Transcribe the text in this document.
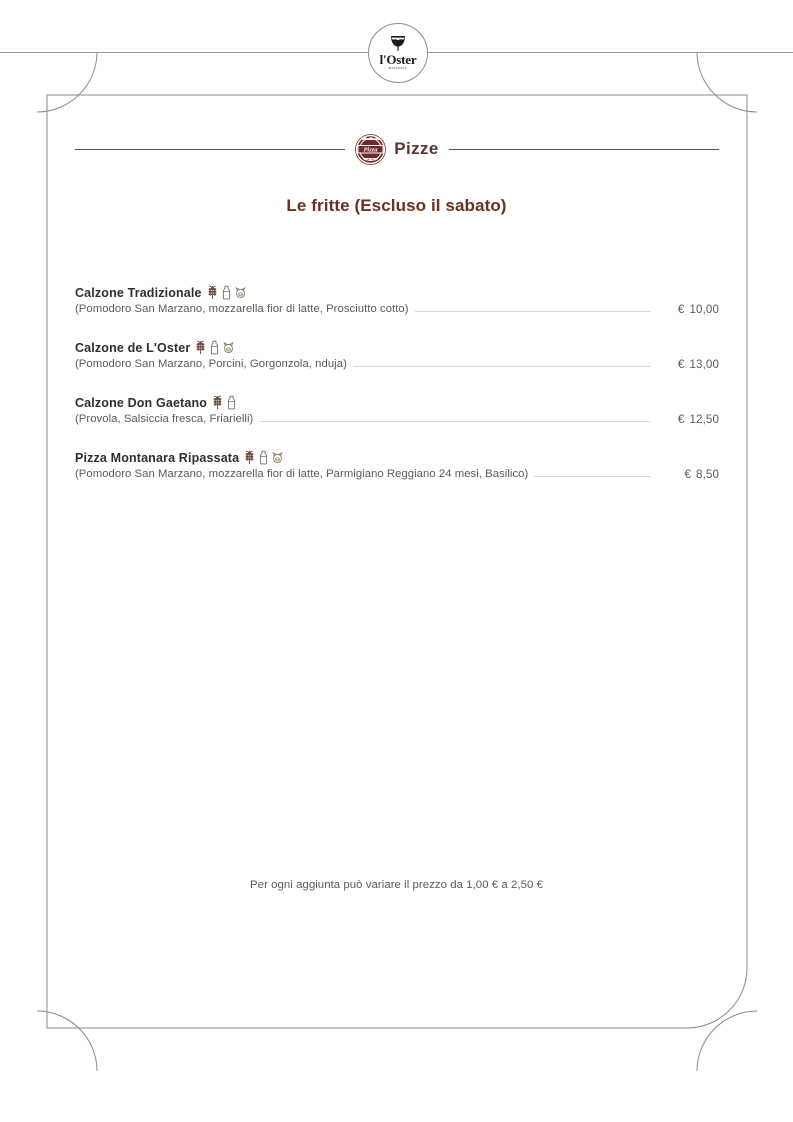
l'Oster
BISTROT
Pizza Pizze
Le fritte (Escluso il sabato)
Calzone Tradizionale
(Pomodoro San Marzano, mozzarella fior di latte, Prosciutto cotto)	€ 10,00
Calzone de L'Oster
(Pomodoro San Marzano, Porcini, Gorgonzola, nduja)	€ 13,00
Calzone Don Gaetano
(Provola, Salsiccia fresca, Friarielli)	€ 12,50
Pizza Montanara Ripassata
(Pomodoro San Marzano, mozzarella fior di latte, Parmigiano Reggiano 24 mesi, Basilico)	€ 8,50
Per ogni aggiunta può variare il prezzo da 1,00 € a 2,50 €
